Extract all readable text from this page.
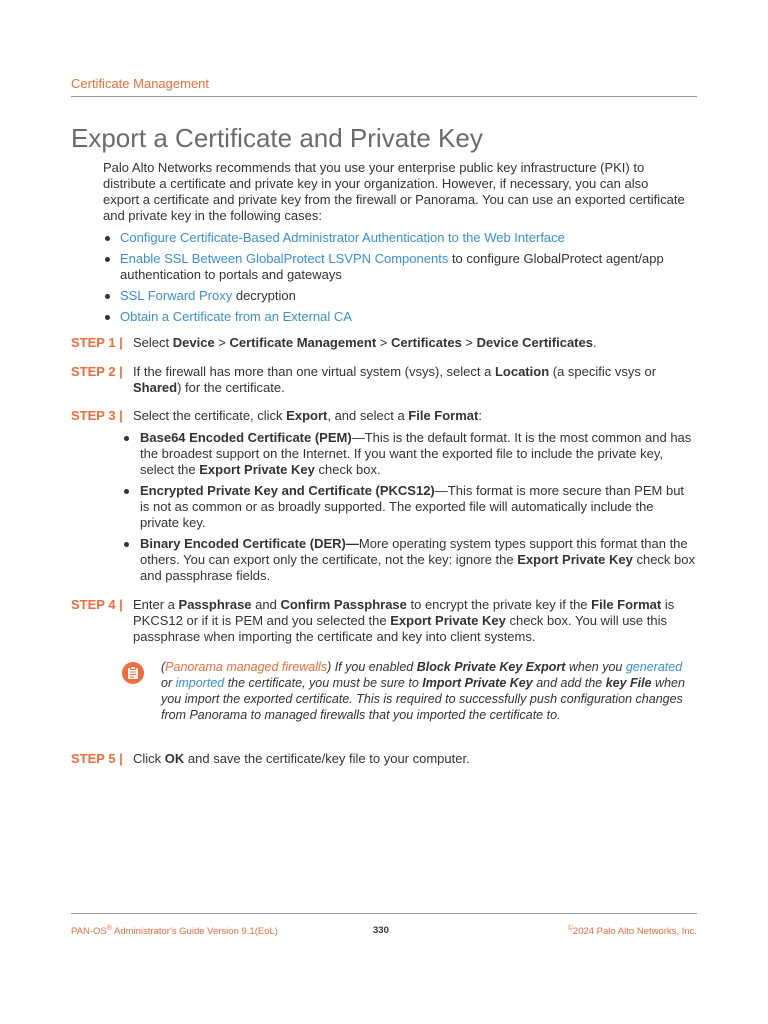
Certificate Management
Export a Certificate and Private Key

Palo Alto Networks recommends that you use your enterprise public key infrastructure (PKI) to distribute a certificate and private key in your organization. However, if necessary, you can also export a certificate and private key from the firewall or Panorama. You can use an exported certificate and private key in the following cases:

Configure Certificate-Based Administrator Authentication to the Web Interface
Enable SSL Between GlobalProtect LSVPN Components to configure GlobalProtect agent/app authentication to portals and gateways
SSL Forward Proxy decryption
Obtain a Certificate from an External CA
STEP 1 | Select Device > Certificate Management > Certificates > Device Certificates.
STEP 2 | If the firewall has more than one virtual system (vsys), select a Location (a specific vsys or Shared) for the certificate.
STEP 3 | Select the certificate, click Export, and select a File Format:
Base64 Encoded Certificate (PEM)—This is the default format. It is the most common and has the broadest support on the Internet. If you want the exported file to include the private key, select the Export Private Key check box.
Encrypted Private Key and Certificate (PKCS12)—This format is more secure than PEM but is not as common or as broadly supported. The exported file will automatically include the private key.
Binary Encoded Certificate (DER)—More operating system types support this format than the others. You can export only the certificate, not the key: ignore the Export Private Key check box and passphrase fields.
STEP 4 | Enter a Passphrase and Confirm Passphrase to encrypt the private key if the File Format is PKCS12 or if it is PEM and you selected the Export Private Key check box. You will use this passphrase when importing the certificate and key into client systems.
(Panorama managed firewalls) If you enabled Block Private Key Export when you generated or imported the certificate, you must be sure to Import Private Key and add the key File when you import the exported certificate. This is required to successfully push configuration changes from Panorama to managed firewalls that you imported the certificate to.
STEP 5 | Click OK and save the certificate/key file to your computer.
PAN-OS® Administrator's Guide Version 9.1(EoL)	330	©2024 Palo Alto Networks, Inc.
